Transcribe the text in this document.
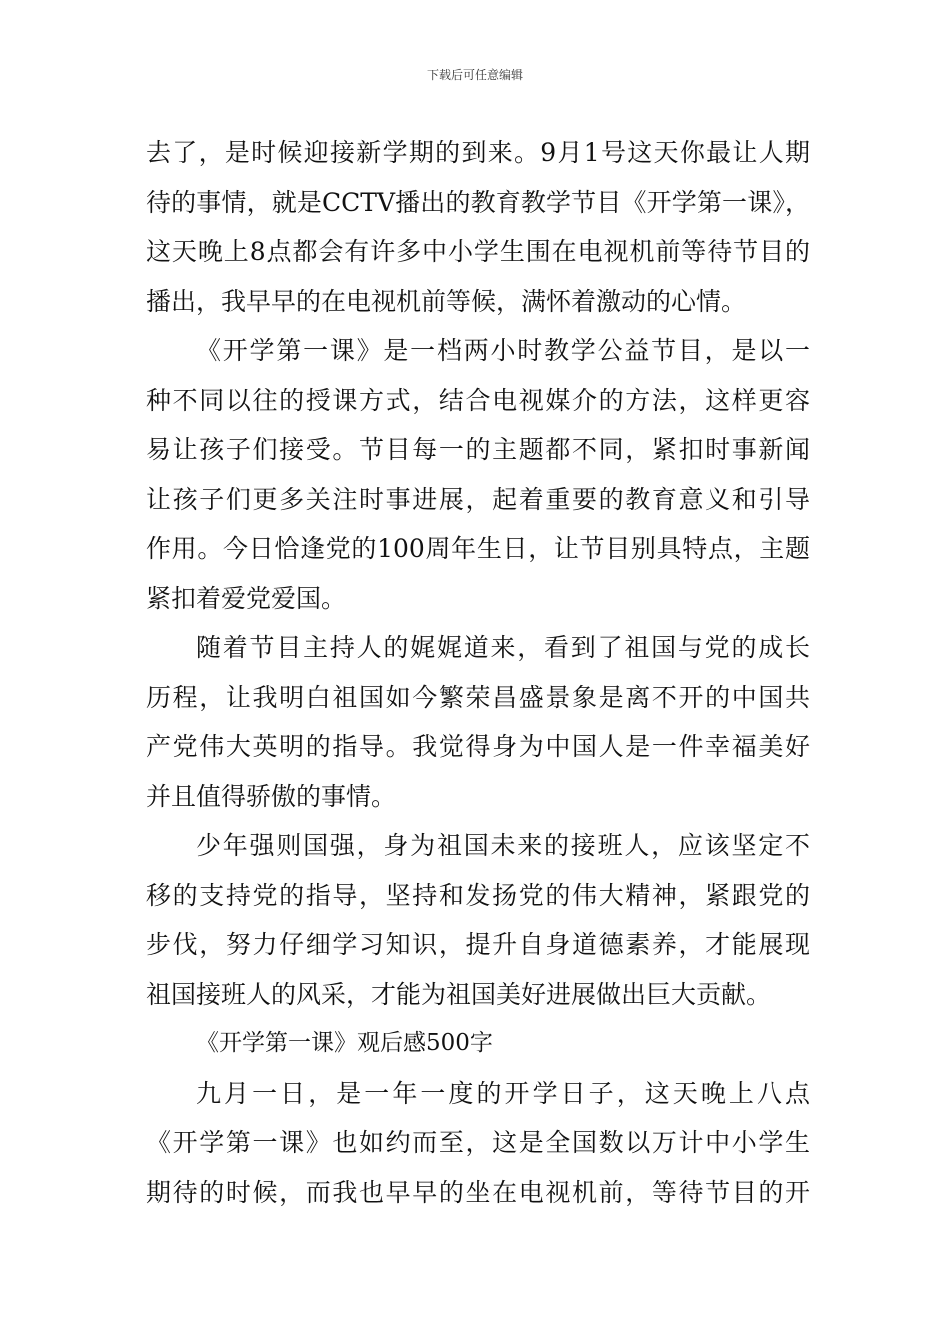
下载后可任意编辑
去了，是时候迎接新学期的到来。9月1号这天你最让人期
待的事情，就是CCTV播出的教育教学节目《开学第一课》，
这天晚上8点都会有许多中小学生围在电视机前等待节目的
播出，我早早的在电视机前等候，满怀着激动的心情。
《开学第一课》是一档两小时教学公益节目，是以一
种不同以往的授课方式，结合电视媒介的方法，这样更容
易让孩子们接受。节目每一的主题都不同，紧扣时事新闻
让孩子们更多关注时事进展，起着重要的教育意义和引导
作用。今日恰逢党的100周年生日，让节目别具特点，主题
紧扣着爱党爱国。
随着节目主持人的娓娓道来，看到了祖国与党的成长
历程，让我明白祖国如今繁荣昌盛景象是离不开的中国共
产党伟大英明的指导。我觉得身为中国人是一件幸福美好
并且值得骄傲的事情。
少年强则国强，身为祖国未来的接班人，应该坚定不
移的支持党的指导，坚持和发扬党的伟大精神，紧跟党的
步伐，努力仔细学习知识，提升自身道德素养，才能展现
祖国接班人的风采，才能为祖国美好进展做出巨大贡献。
《开学第一课》观后感500字
九月一日，是一年一度的开学日子，这天晚上八点
《开学第一课》也如约而至，这是全国数以万计中小学生
期待的时候，而我也早早的坐在电视机前，等待节目的开
